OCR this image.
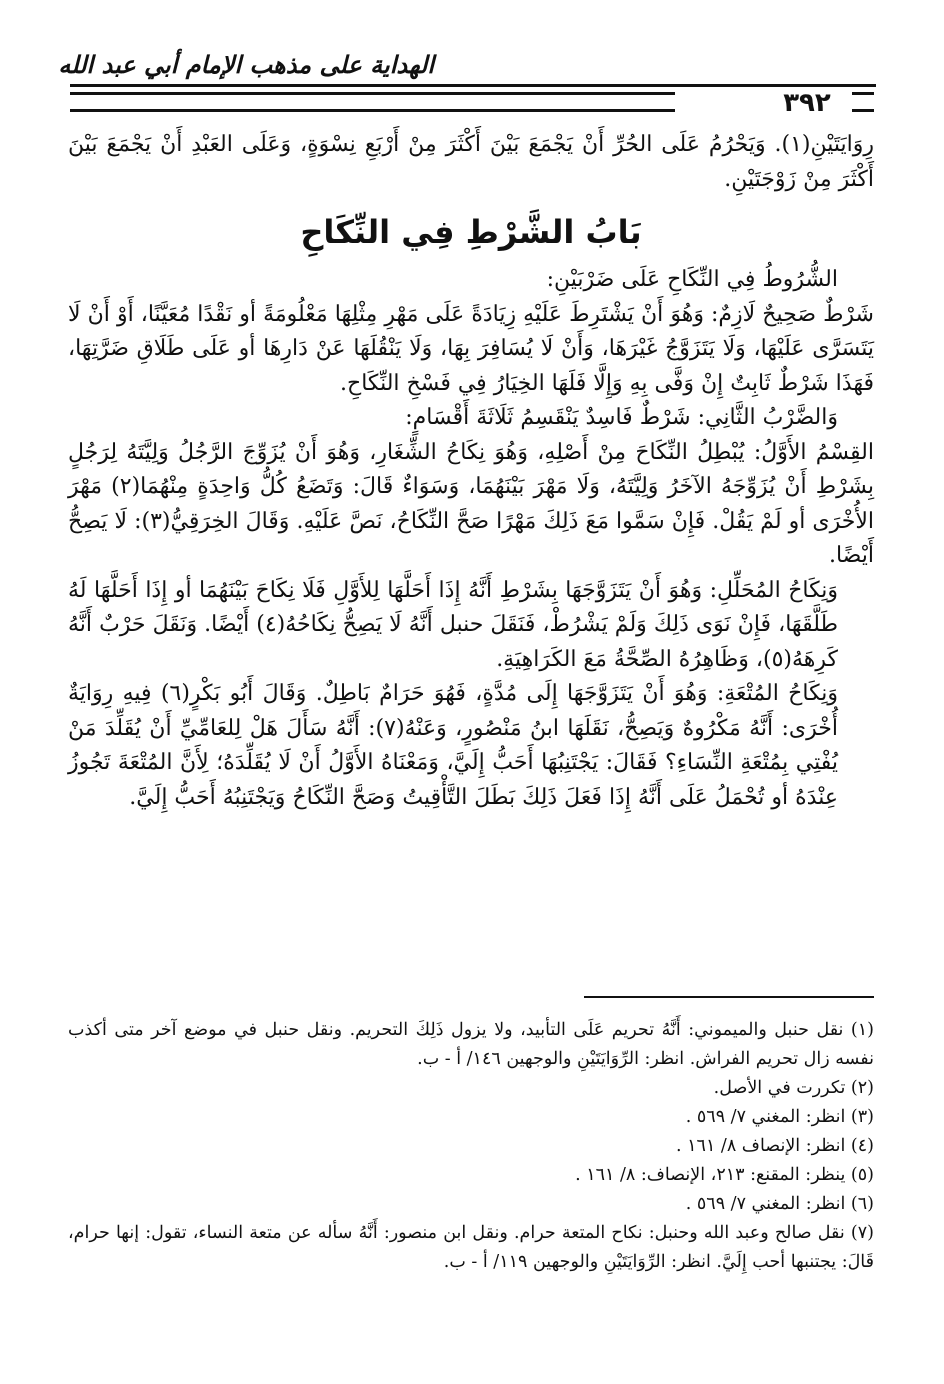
الهداية على مذهب الإمام أبي عبد الله
٣٩٢

رِوَايَتَيْنِ(١). وَيَحْرُمُ عَلَى الحُرِّ أَنْ يَجْمَعَ بَيْنَ أَكْثَرَ مِنْ أَرْبَعِ نِسْوَةٍ، وَعَلَى العَبْدِ أَنْ يَجْمَعَ بَيْنَ أَكْثَرَ مِنْ زَوْجَتَيْنِ.

بَابُ الشَّرْطِ فِي النِّكَاحِ

الشُّرُوطُ فِي النِّكَاحِ عَلَى ضَرْبَيْنِ:

شَرْطٌ صَحِيحٌ لَازِمٌ: وَهُوَ أَنْ يَشْتَرِطَ عَلَيْهِ زِيَادَةً عَلَى مَهْرِ مِثْلِهَا مَعْلُومَةً أو نَقْدًا مُعَيَّنًا، أَوْ أَنْ لَا يَتَسَرَّى عَلَيْهَا، وَلَا يَتَزَوَّجُ غَيْرَهَا، وَأَنْ لَا يُسَافِرَ بِهَا، وَلَا يَنْقُلَهَا عَنْ دَارِهَا أو عَلَى طَلَاقِ ضَرَّتِهَا، فَهَذَا شَرْطٌ ثَابِتٌ إِنْ وَفَّى بِهِ وَإِلَّا فَلَهَا الخِيَارُ فِي فَسْخِ النِّكَاحِ.

وَالضَّرْبُ الثَّانِي: شَرْطٌ فَاسِدٌ يَنْقَسِمُ ثَلَاثَةَ أَقْسَامٍ:

القِسْمُ الأَوَّلُ: يُبْطِلُ النِّكَاحَ مِنْ أَصْلِهِ، وَهُوَ نِكَاحُ الشِّغَارِ، وَهُوَ أَنْ يُزَوِّجَ الرَّجُلُ وَلِيَّتَهُ لِرَجُلٍ بِشَرْطِ أَنْ يُزَوِّجَهُ الآخَرُ وَلِيَّتَهُ، وَلَا مَهْرَ بَيْنَهُمَا، وَسَوَاءٌ قَالَ: وَتَضَعُ كُلُّ وَاحِدَةٍ مِنْهُمَا(٢) مَهْرَ الأُخْرَى أو لَمْ يَقُلْ. فَإِنْ سَمَّوا مَعَ ذَلِكَ مَهْرًا صَحَّ النِّكَاحُ، نَصَّ عَلَيْهِ. وَقَالَ الخِرَقِيُّ(٣): لَا يَصِحُّ أَيْضًا.

وَنِكَاحُ المُحَلِّلِ: وَهُوَ أَنْ يَتَزَوَّجَهَا بِشَرْطِ أَنَّهُ إِذَا أَحَلَّهَا لِلأَوَّلِ فَلَا نِكَاحَ بَيْنَهُمَا أو إِذَا أَحَلَّهَا لَهُ طَلَّقَهَا، فَإِنْ نَوَى ذَلِكَ وَلَمْ يَشْرُطْ، فَنَقَلَ حنبل أَنَّهُ لَا يَصِحُّ نِكَاحُهُ(٤) أَيْضًا. وَنَقَلَ حَرْبٌ أَنَّهُ كَرِهَهُ(٥)، وَظَاهِرُهُ الصِّحَّةُ مَعَ الكَرَاهِيَةِ.

وَنِكَاحُ المُتْعَةِ: وَهُوَ أَنْ يَتَزَوَّجَهَا إِلَى مُدَّةٍ، فَهُوَ حَرَامٌ بَاطِلٌ. وَقَالَ أَبُو بَكْرٍ(٦) فِيهِ رِوَايَةٌ أُخْرَى: أَنَّهُ مَكْرُوهٌ وَيَصِحُّ، نَقَلَهَا ابنُ مَنْصُورٍ، وَعَنْهُ(٧): أَنَّهُ سَأَلَ هَلْ لِلعَامِّيِّ أَنْ يُقَلِّدَ مَنْ يُفْتِي بِمُتْعَةِ النِّسَاءِ؟ فَقَالَ: يَجْتَنِبُهَا أَحَبُّ إِلَيَّ، وَمَعْنَاهُ الأَوَّلُ أَنْ لَا يُقَلِّدَهُ؛ لِأَنَّ المُتْعَةَ تَجُوزُ عِنْدَهُ أو تُحْمَلُ عَلَى أَنَّهُ إِذَا فَعَلَ ذَلِكَ بَطَلَ التَّأْقِيتُ وَصَحَّ النِّكَاحُ وَيَجْتَنِبُهُ أَحَبُّ إِلَيَّ.

(١) نقل حنبل والميموني: أَنَّهُ تحريم عَلَى التأبيد، ولا يزول ذَلِكَ التحريم. ونقل حنبل في موضع آخر متى أكذب نفسه زال تحريم الفراش. انظر: الرِّوَايَتَيْنِ والوجهين ١٤٦/ أ - ب.

(٢) تكررت في الأصل.

(٣) انظر: المغني ٧/ ٥٦٩ .

(٤) انظر: الإنصاف ٨/ ١٦١ .

(٥) ينظر: المقنع: ٢١٣، الإنصاف: ٨/ ١٦١ .

(٦) انظر: المغني ٧/ ٥٦٩ .

(٧) نقل صالح وعبد الله وحنبل: نكاح المتعة حرام. ونقل ابن منصور: أَنَّهُ سأله عن متعة النساء، تقول: إنها حرام، قَالَ: يجتنبها أحب إِلَيَّ. انظر: الرِّوَايَتَيْنِ والوجهين ١١٩/ أ - ب.
